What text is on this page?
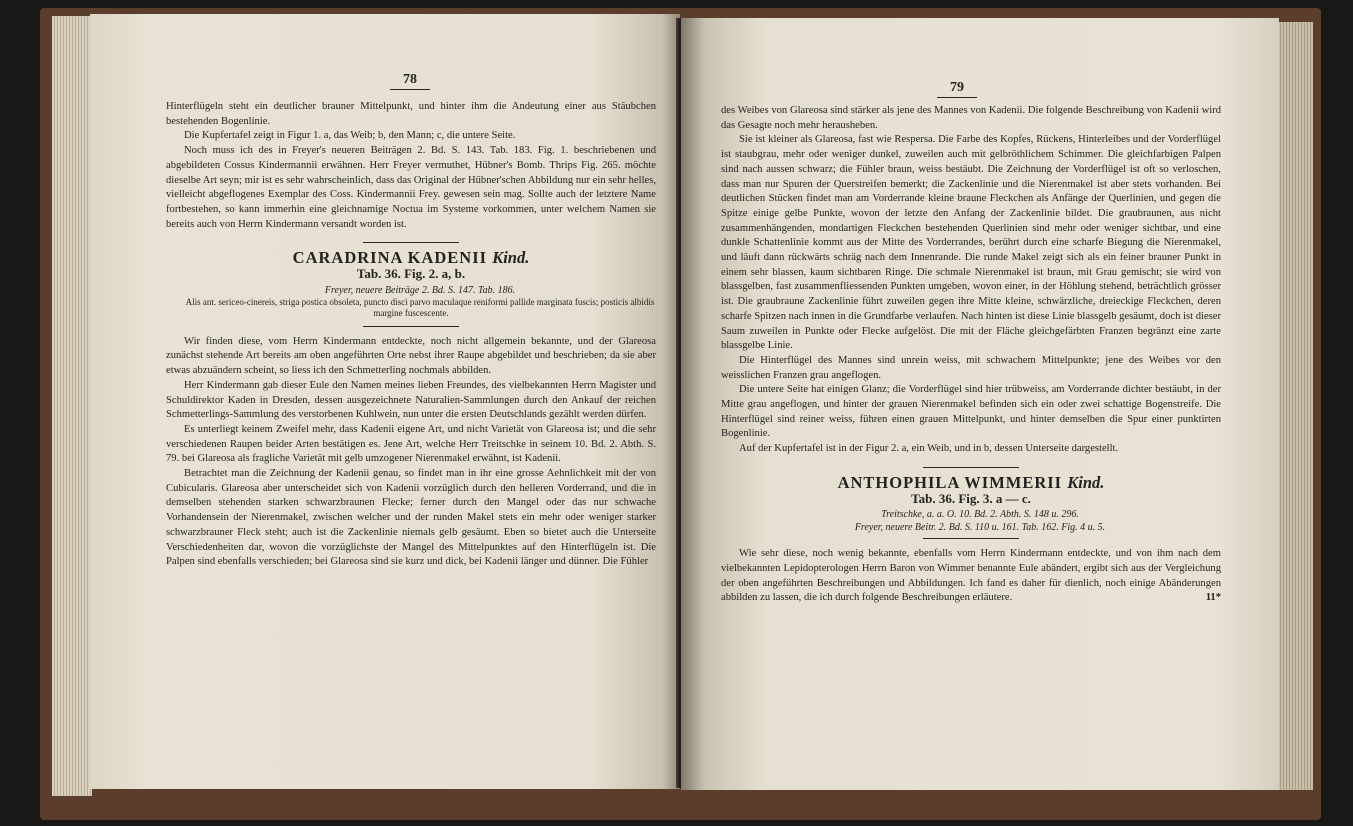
78

Hinterflügeln steht ein deutlicher brauner Mittelpunkt, und hinter ihm die Andeutung einer aus Stäubchen bestehenden Bogenlinie.

Die Kupfertafel zeigt in Figur 1. a, das Weib; b, den Mann; c, die untere Seite.

Noch muss ich des in Freyer's neueren Beiträgen 2. Bd. S. 143. Tab. 183. Fig. 1. beschriebenen und abgebildeten Cossus Kindermannii erwähnen. Herr Freyer vermuthet, Hübner's Bomb. Thrips Fig. 265. möchte dieselbe Art seyn; mir ist es sehr wahrscheinlich, dass das Original der Hübner'schen Abbildung nur ein sehr helles, vielleicht abgeflogenes Exemplar des Coss. Kindermannii Frey. gewesen sein mag. Sollte auch der letztere Name fortbestehen, so kann immerhin eine gleichnamige Noctua im Systeme vorkommen, unter welchem Namen sie bereits auch von Herrn Kindermann versandt worden ist.

CARADRINA KADENII Kind.
Tab. 36. Fig. 2. a, b.

Freyer, neuere Beiträge 2. Bd. S. 147. Tab. 186.

Alis ant. sericeo-cinereis, striga postica obsoleta, puncto disci parvo maculaque reniformi pallide marginata fuscis; posticis albidis margine fuscescente.

Wir finden diese, vom Herrn Kindermann entdeckte, noch nicht allgemein bekannte, und der Glareosa zunächst stehende Art bereits am oben angeführten Orte nebst ihrer Raupe abgebildet und beschrieben; da sie aber etwas abzuändern scheint, so liess ich den Schmetterling nochmals abbilden.

Herr Kindermann gab dieser Eule den Namen meines lieben Freundes, des vielbekannten Herrn Magister und Schuldirektor Kaden in Dresden, dessen ausgezeichnete Naturalien-Sammlungen durch den Ankauf der reichen Schmetterlings-Sammlung des verstorbenen Kuhlwein, nun unter die ersten Deutschlands gezählt werden dürfen.

Es unterliegt keinem Zweifel mehr, dass Kadenii eigene Art, und nicht Varietät von Glareosa ist; und die sehr verschiedenen Raupen beider Arten bestätigen es. Jene Art, welche Herr Treitschke in seinem 10. Bd. 2. Abth. S. 79. bei Glareosa als fragliche Varietät mit gelb umzogener Nierenmakel erwähnt, ist Kadenii.

Betrachtet man die Zeichnung der Kadenii genau, so findet man in ihr eine grosse Aehnlichkeit mit der von Cubicularis. Glareosa aber unterscheidet sich von Kadenii vorzüglich durch den helleren Vorderrand, und die in demselben stehenden starken schwarzbraunen Flecke; ferner durch den Mangel oder das nur schwache Vorhandensein der Nierenmakel, zwischen welcher und der runden Makel stets ein mehr oder weniger starker schwarzbrauner Fleck steht; auch ist die Zackenlinie niemals gelb gesäumt. Eben so bietet auch die Unterseite Verschiedenheiten dar, wovon die vorzüglichste der Mangel des Mittelpunktes auf den Hinterflügeln ist. Die Palpen sind ebenfalls verschieden; bei Glareosa sind sie kurz und dick, bei Kadenii länger und dünner. Die Fühler

79

des Weibes von Glareosa sind stärker als jene des Mannes von Kadenii. Die folgende Beschreibung von Kadenii wird das Gesagte noch mehr herausheben.

Sie ist kleiner als Glareosa, fast wie Respersa. Die Farbe des Kopfes, Rückens, Hinterleibes und der Vorderflügel ist staubgrau, mehr oder weniger dunkel, zuweilen auch mit gelbröthlichem Schimmer. Die gleichfarbigen Palpen sind nach aussen schwarz; die Fühler braun, weiss bestäubt. Die Zeichnung der Vorderflügel ist oft so verloschen, dass man nur Spuren der Querstreifen bemerkt; die Zackenlinie und die Nierenmakel ist aber stets vorhanden. Bei deutlichen Stücken findet man am Vorderrande kleine braune Fleckchen als Anfänge der Querlinien, und gegen die Spitze einige gelbe Punkte, wovon der letzte den Anfang der Zackenlinie bildet. Die graubraunen, aus nicht zusammenhängenden, mondartigen Fleckchen bestehenden Querlinien sind mehr oder weniger sichtbar, und eine dunkle Schattenlinie kommt aus der Mitte des Vorderrandes, berührt durch eine scharfe Biegung die Nierenmakel, und läuft dann rückwärts schräg nach dem Innenrande. Die runde Makel zeigt sich als ein feiner brauner Punkt in einem sehr blassen, kaum sichtbaren Ringe. Die schmale Nierenmakel ist braun, mit Grau gemischt; sie wird von blassgelben, fast zusammenfliessenden Punkten umgeben, wovon einer, in der Höhlung stehend, beträchtlich grösser ist. Die graubraune Zackenlinie führt zuweilen gegen ihre Mitte kleine, schwärzliche, dreieckige Fleckchen, deren scharfe Spitzen nach innen in die Grundfarbe verlaufen. Nach hinten ist diese Linie blassgelb gesäumt, doch ist dieser Saum zuweilen in Punkte oder Flecke aufgelöst. Die mit der Fläche gleichgefärbten Franzen begränzt eine zarte blassgelbe Linie.

Die Hinterflügel des Mannes sind unrein weiss, mit schwachem Mittelpunkte; jene des Weibes vor den weisslichen Franzen grau angeflogen.

Die untere Seite hat einigen Glanz; die Vorderflügel sind hier trübweiss, am Vorderrande dichter bestäubt, in der Mitte grau angeflogen, und hinter der grauen Nierenmakel befinden sich ein oder zwei schattige Bogenstreife. Die Hinterflügel sind reiner weiss, führen einen grauen Mittelpunkt, und hinter demselben die Spur einer punktirten Bogenlinie.

Auf der Kupfertafel ist in der Figur 2. a, ein Weib, und in b, dessen Unterseite dargestellt.

ANTHOPHILA WIMMERII Kind.
Tab. 36. Fig. 3. a — c.

Treitschke, a. a. O. 10. Bd. 2. Abth. S. 148 u. 296.

Freyer, neuere Beitr. 2. Bd. S. 110 u. 161. Tab. 162. Fig. 4 u. 5.

Wie sehr diese, noch wenig bekannte, ebenfalls vom Herrn Kindermann entdeckte, und von ihm nach dem vielbekannten Lepidopterologen Herrn Baron von Wimmer benannte Eule abändert, ergibt sich aus der Vergleichung der oben angeführten Beschreibungen und Abbildungen. Ich fand es daher für dienlich, noch einige Abänderungen abbilden zu lassen, die ich durch folgende Beschreibungen erläutere.	11*
